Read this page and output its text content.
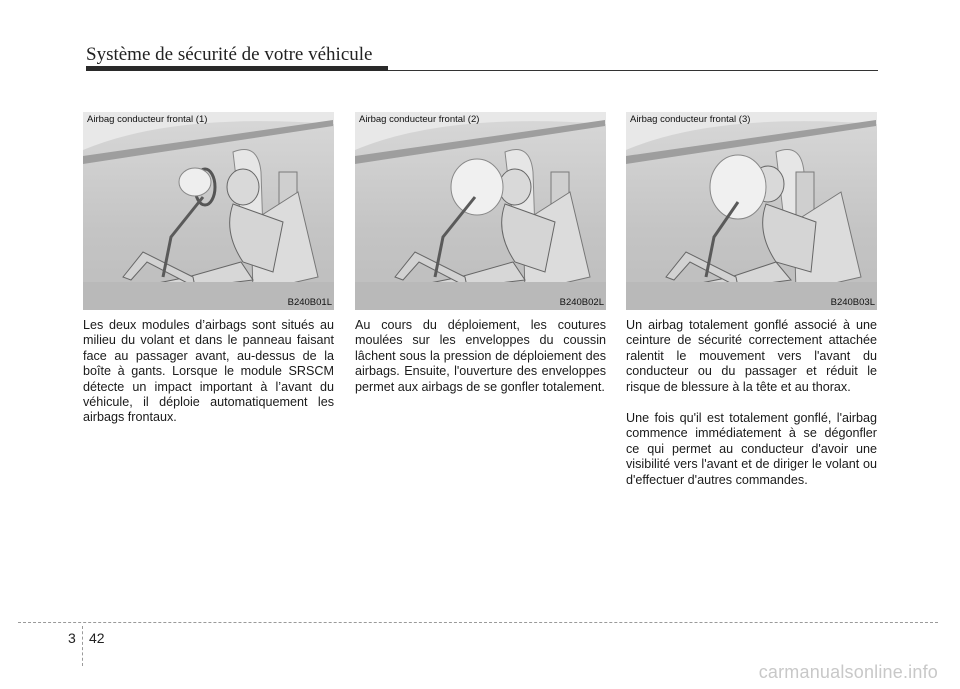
Système de sécurité de votre véhicule
Airbag conducteur frontal (1)
B240B01L

Les deux modules d’airbags sont situés au milieu du volant et dans le panneau faisant face au passager avant, au-dessus de la boîte à gants. Lorsque le module SRSCM détecte un impact important à l’avant du véhicule, il déploie automatiquement les airbags frontaux.

Airbag conducteur frontal (2)
B240B02L

Au cours du déploiement, les coutures moulées sur les enveloppes du coussin lâchent sous la pression de déploiement des airbags. Ensuite, l'ouverture des enveloppes permet aux airbags de se gonfler totalement.

Airbag conducteur frontal (3)
B240B03L

Un airbag totalement gonflé associé à une ceinture de sécurité correctement attachée ralentit le mouvement vers l'avant du conducteur ou du passager et réduit le risque de blessure à la tête et au thorax.

Une fois qu'il est totalement gonflé, l'airbag commence immédiatement à se dégonfler ce qui permet au conducteur d'avoir une visibilité vers l'avant et de diriger le volant ou d'effectuer d'autres commandes.

3 42
carmanualsonline.info
